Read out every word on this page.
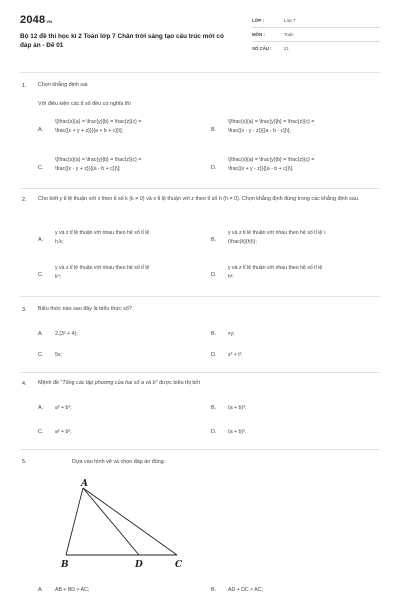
2048VN
Bộ 12 đề thi học kì 2 Toán lớp 7 Chân trời sáng tạo cấu trúc mới có đáp án - Đề 01
LỚP :	Lớp 7
MÔN :	Toán
SỐ CÂU :	21
1. Chọn khẳng định sai:
Với điều kiện các tỉ số đều có nghĩa thì
A.
\[\frac{x}{a} = \frac{y}{b} = \frac{z}{c} =
\frac{{x + y + z}}{{a + b + c}}\];	B.
\[\frac{x}{a} = \frac{y}{b} = \frac{z}{c} =
\frac{{x - y - z}}{{a - b - c}}\];
C.
\[\frac{x}{a} = \frac{y}{b} = \frac{z}{c} =
\frac{{x - y + z}}{{a - b + c}}\];	D.
\[\frac{x}{a} = \frac{y}{b} = \frac{z}{c} =
\frac{{x + y - z}}{{a - b + c}}\].
2. Cho biết y tỉ lệ thuận với x theo tỉ số k (k ≠ 0) và x tỉ lệ thuận với z theo tỉ số h (h ≠ 0). Chọn khẳng định đúng trong các khẳng định sau.
A.
y và z tỉ lệ thuận với nhau theo hệ số tỉ lệ
h.k;	B.
y và z tỉ lệ thuận với nhau theo hệ số tỉ lệ \
(\frac{k}{h}\);
C.
y và z tỉ lệ thuận với nhau theo hệ số tỉ lệ
kʰ;	D.
y và z tỉ lệ thuận với nhau theo hệ số tỉ lệ
hᵏ.
3. Biểu thức nào sau đây là biểu thức số?
A. 2.(3² + 4);	B. xy;
C. 5x;	D. z² + t³.
4. Mệnh đề "Tổng các lập phương của hai số a và b" được biểu thị bởi
A. a³ + b³;	B. (a + b)³;
C. a² + b²;	D. (a + b)².
5.	Dựa vào hình vẽ và chọn đáp án đúng.
A
B	D	C
A. AB + BD > AC;	B. AD + DC > AC;
